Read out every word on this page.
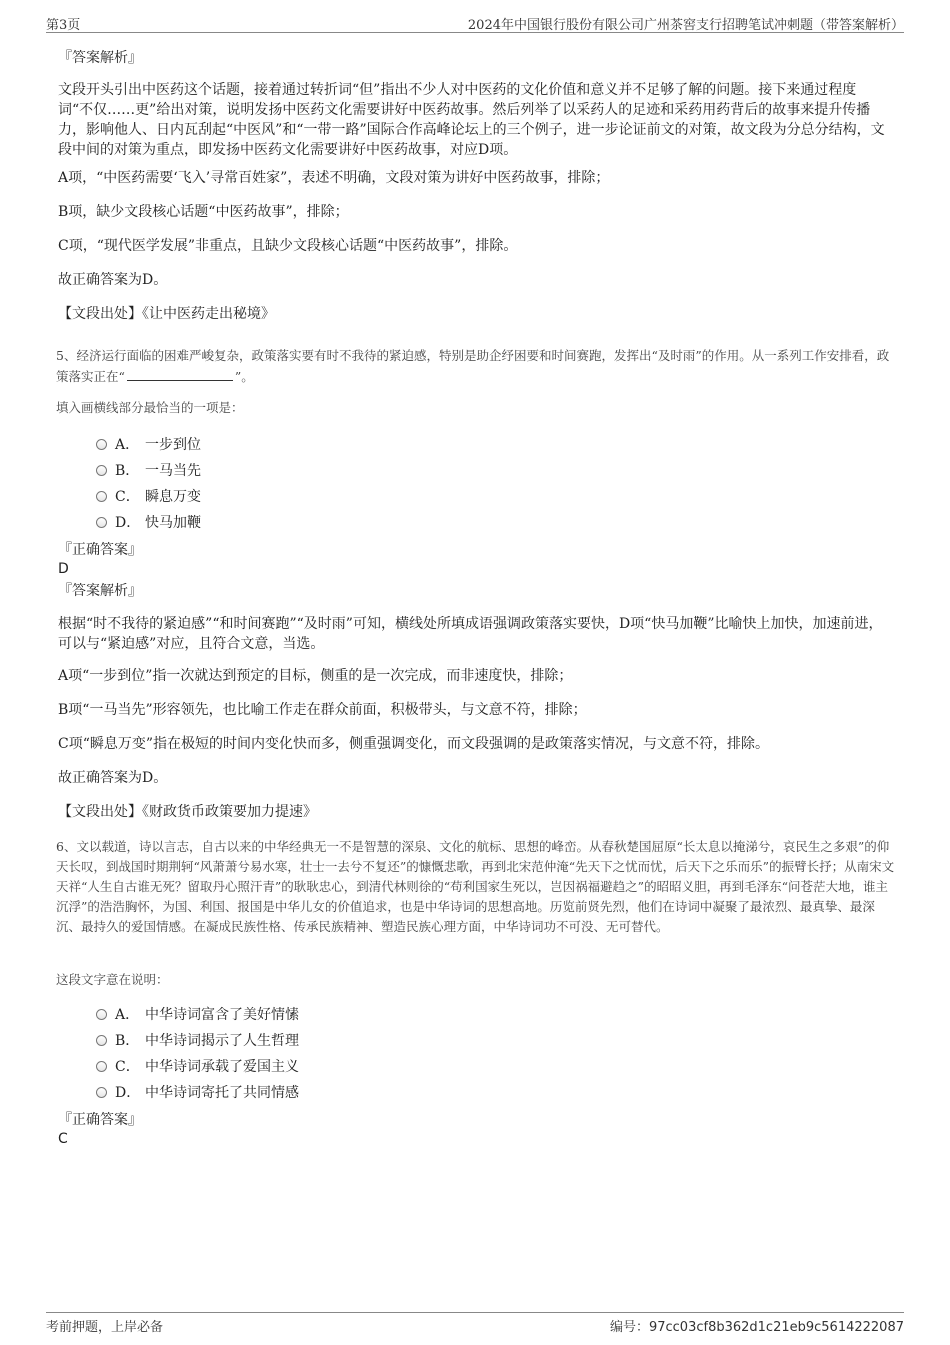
第3页	2024年中国银行股份有限公司广州茶窖支行招聘笔试冲刺题（带答案解析）
『答案解析』
文段开头引出中医药这个话题，接着通过转折词“但”指出不少人对中医药的文化价值和意义并不足够了解的问题。接下来通过程度词“不仅……更”给出对策，说明发扬中医药文化需要讲好中医药故事。然后列举了以采药人的足迹和采药用药背后的故事来提升传播力，影响他人、日内瓦刮起“中医风”和“一带一路”国际合作高峰论坛上的三个例子，进一步论证前文的对策，故文段为分总分结构，文段中间的对策为重点，即发扬中医药文化需要讲好中医药故事，对应D项。
A项，“中医药需要‘飞入’寻常百姓家”，表述不明确，文段对策为讲好中医药故事，排除；
B项，缺少文段核心话题“中医药故事”，排除；
C项，“现代医学发展”非重点，且缺少文段核心话题“中医药故事”，排除。
故正确答案为D。
【文段出处】《让中医药走出秘境》
5、经济运行面临的困难严峻复杂，政策落实要有时不我待的紧迫感，特别是助企纾困要和时间赛跑，发挥出“及时雨”的作用。从一系列工作安排看，政策落实正在“	”。
填入画横线部分最恰当的一项是：
A． 一步到位
B． 一马当先
C． 瞬息万变
D． 快马加鞭
『正确答案』
D
『答案解析』
根据“时不我待的紧迫感”“和时间赛跑”“及时雨”可知，横线处所填成语强调政策落实要快，D项“快马加鞭”比喻快上加快，加速前进，可以与“紧迫感”对应，且符合文意，当选。
A项“一步到位”指一次就达到预定的目标，侧重的是一次完成，而非速度快，排除；
B项“一马当先”形容领先，也比喻工作走在群众前面，积极带头，与文意不符，排除；
C项“瞬息万变”指在极短的时间内变化快而多，侧重强调变化，而文段强调的是政策落实情况，与文意不符，排除。
故正确答案为D。
【文段出处】《财政货币政策要加力提速》
6、文以载道，诗以言志，自古以来的中华经典无一不是智慧的深泉、文化的航标、思想的峰峦。从春秋楚国屈原“长太息以掩涕兮，哀民生之多艰”的仰天长叹，到战国时期荆轲“风萧萧兮易水寒，壮士一去兮不复还”的慷慨悲歌，再到北宋范仲淹“先天下之忧而忧，后天下之乐而乐”的振臂长抒；从南宋文天祥“人生自古谁无死？留取丹心照汗青”的耿耿忠心，到清代林则徐的“苟利国家生死以，岂因祸福避趋之”的昭昭义胆，再到毛泽东“问苍茫大地，谁主沉浮”的浩浩胸怀，为国、利国、报国是中华儿女的价值追求，也是中华诗词的思想高地。历览前贤先烈，他们在诗词中凝聚了最浓烈、最真挚、最深沉、最持久的爱国情感。在凝成民族性格、传承民族精神、塑造民族心理方面，中华诗词功不可没、无可替代。
这段文字意在说明：
A． 中华诗词富含了美好情愫
B． 中华诗词揭示了人生哲理
C． 中华诗词承载了爱国主义
D． 中华诗词寄托了共同情感
『正确答案』
C
考前押题，上岸必备	编号：97cc03cf8b362d1c21eb9c5614222087
